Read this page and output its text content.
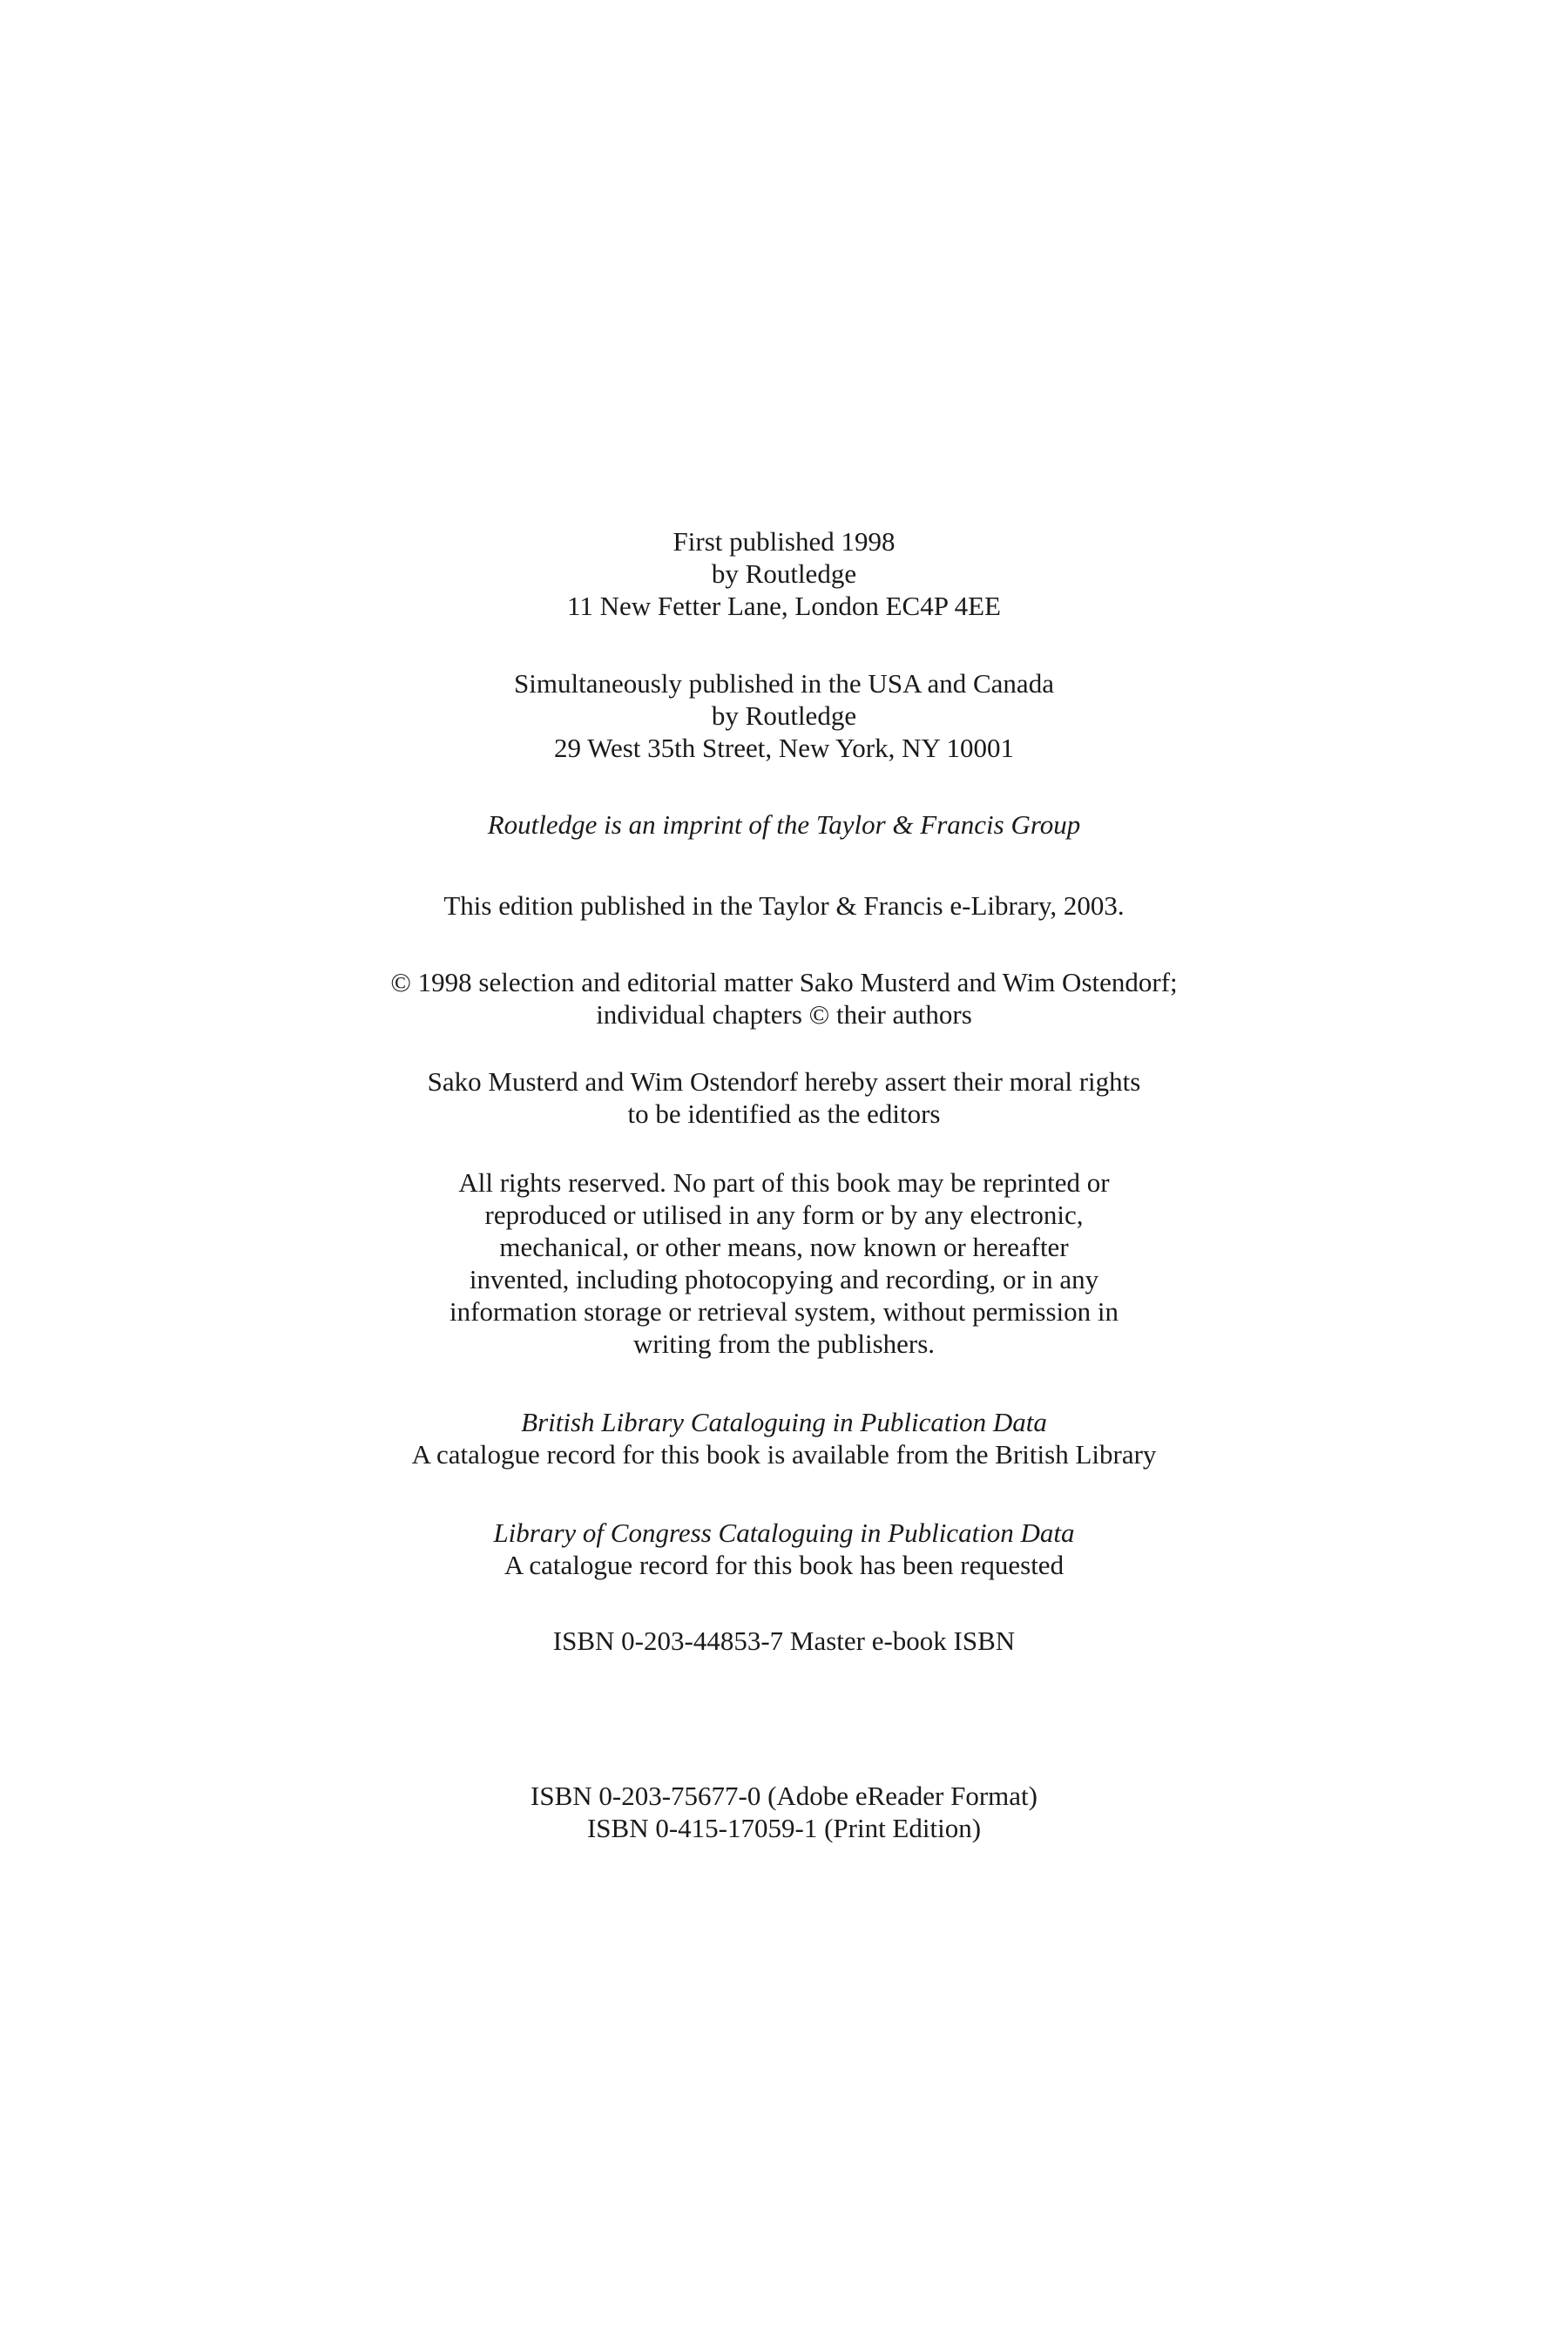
First published 1998
by Routledge
11 New Fetter Lane, London EC4P 4EE
Simultaneously published in the USA and Canada
by Routledge
29 West 35th Street, New York, NY 10001
Routledge is an imprint of the Taylor & Francis Group
This edition published in the Taylor & Francis e-Library, 2003.
© 1998 selection and editorial matter Sako Musterd and Wim Ostendorf;
individual chapters © their authors
Sako Musterd and Wim Ostendorf hereby assert their moral rights
to be identified as the editors
All rights reserved. No part of this book may be reprinted or
reproduced or utilised in any form or by any electronic,
mechanical, or other means, now known or hereafter
invented, including photocopying and recording, or in any
information storage or retrieval system, without permission in
writing from the publishers.
British Library Cataloguing in Publication Data
A catalogue record for this book is available from the British Library
Library of Congress Cataloguing in Publication Data
A catalogue record for this book has been requested
ISBN 0-203-44853-7 Master e-book ISBN
ISBN 0-203-75677-0 (Adobe eReader Format)
ISBN 0-415-17059-1 (Print Edition)
